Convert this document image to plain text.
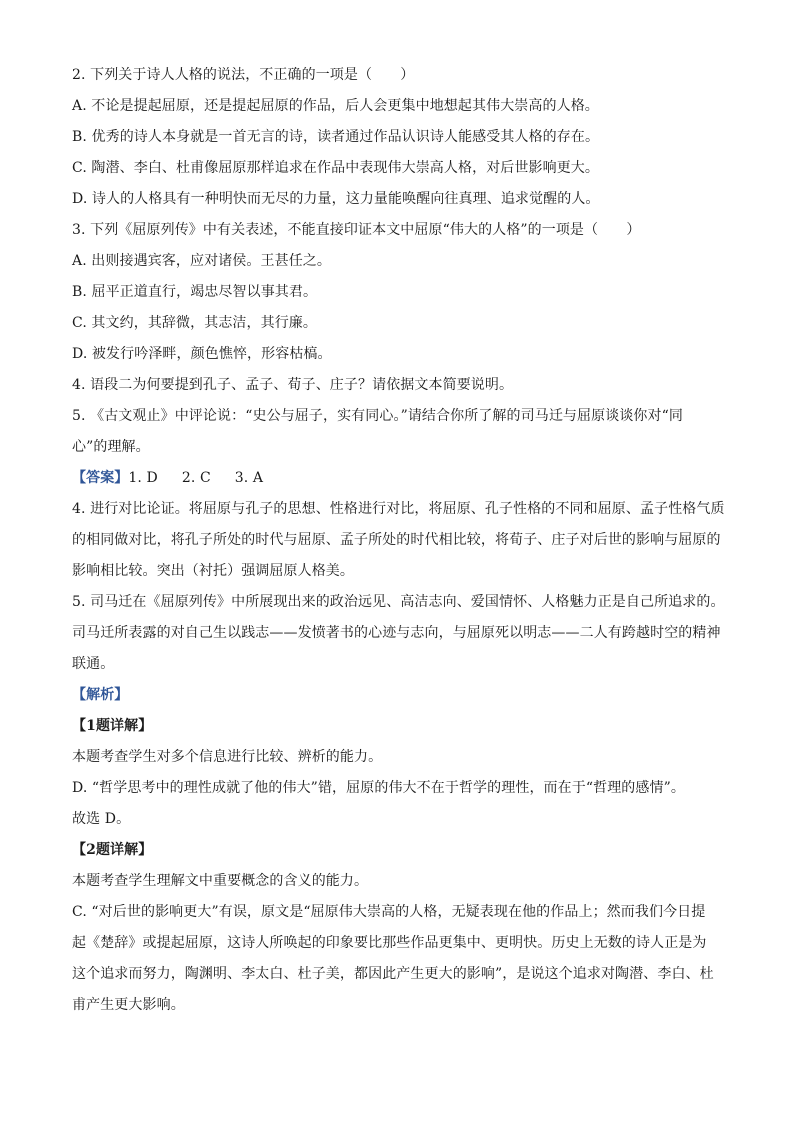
2. 下列关于诗人人格的说法，不正确的一项是（　　）
A. 不论是提起屈原，还是提起屈原的作品，后人会更集中地想起其伟大崇高的人格。
B. 优秀的诗人本身就是一首无言的诗，读者通过作品认识诗人能感受其人格的存在。
C. 陶潜、李白、杜甫像屈原那样追求在作品中表现伟大崇高人格，对后世影响更大。
D. 诗人的人格具有一种明快而无尽的力量，这力量能唤醒向往真理、追求觉醒的人。
3. 下列《屈原列传》中有关表述，不能直接印证本文中屈原“伟大的人格”的一项是（　　）
A. 出则接遇宾客，应对诸侯。王甚任之。
B. 屈平正道直行，竭忠尽智以事其君。
C. 其文约，其辞微，其志洁，其行廉。
D. 被发行吟泽畔，颜色憔悴，形容枯槁。
4. 语段二为何要提到孔子、孟子、荀子、庄子？请依据文本简要说明。
5. 《古文观止》中评论说：“史公与屈子，实有同心。”请结合你所了解的司马迁与屈原谈谈你对“同
心”的理解。
【答案】1. D 2. C 3. A
4. 进行对比论证。将屈原与孔子的思想、性格进行对比，将屈原、孔子性格的不同和屈原、孟子性格气质
的相同做对比，将孔子所处的时代与屈原、孟子所处的时代相比较，将荀子、庄子对后世的影响与屈原的
影响相比较。突出（衬托）强调屈原人格美。
5. 司马迁在《屈原列传》中所展现出来的政治远见、高洁志向、爱国情怀、人格魅力正是自己所追求的。
司马迁所表露的对自己生以践志——发愤著书的心迹与志向，与屈原死以明志——二人有跨越时空的精神
联通。
【解析】
【1题详解】
本题考查学生对多个信息进行比较、辨析的能力。
D. “哲学思考中的理性成就了他的伟大”错，屈原的伟大不在于哲学的理性，而在于“哲理的感情”。
故选 D。
【2题详解】
本题考查学生理解文中重要概念的含义的能力。
C. “对后世的影响更大”有误，原文是“屈原伟大崇高的人格，无疑表现在他的作品上；然而我们今日提
起《楚辞》或提起屈原，这诗人所唤起的印象要比那些作品更集中、更明快。历史上无数的诗人正是为
这个追求而努力，陶渊明、李太白、杜子美，都因此产生更大的影响”，是说这个追求对陶潜、李白、杜
甫产生更大影响。
